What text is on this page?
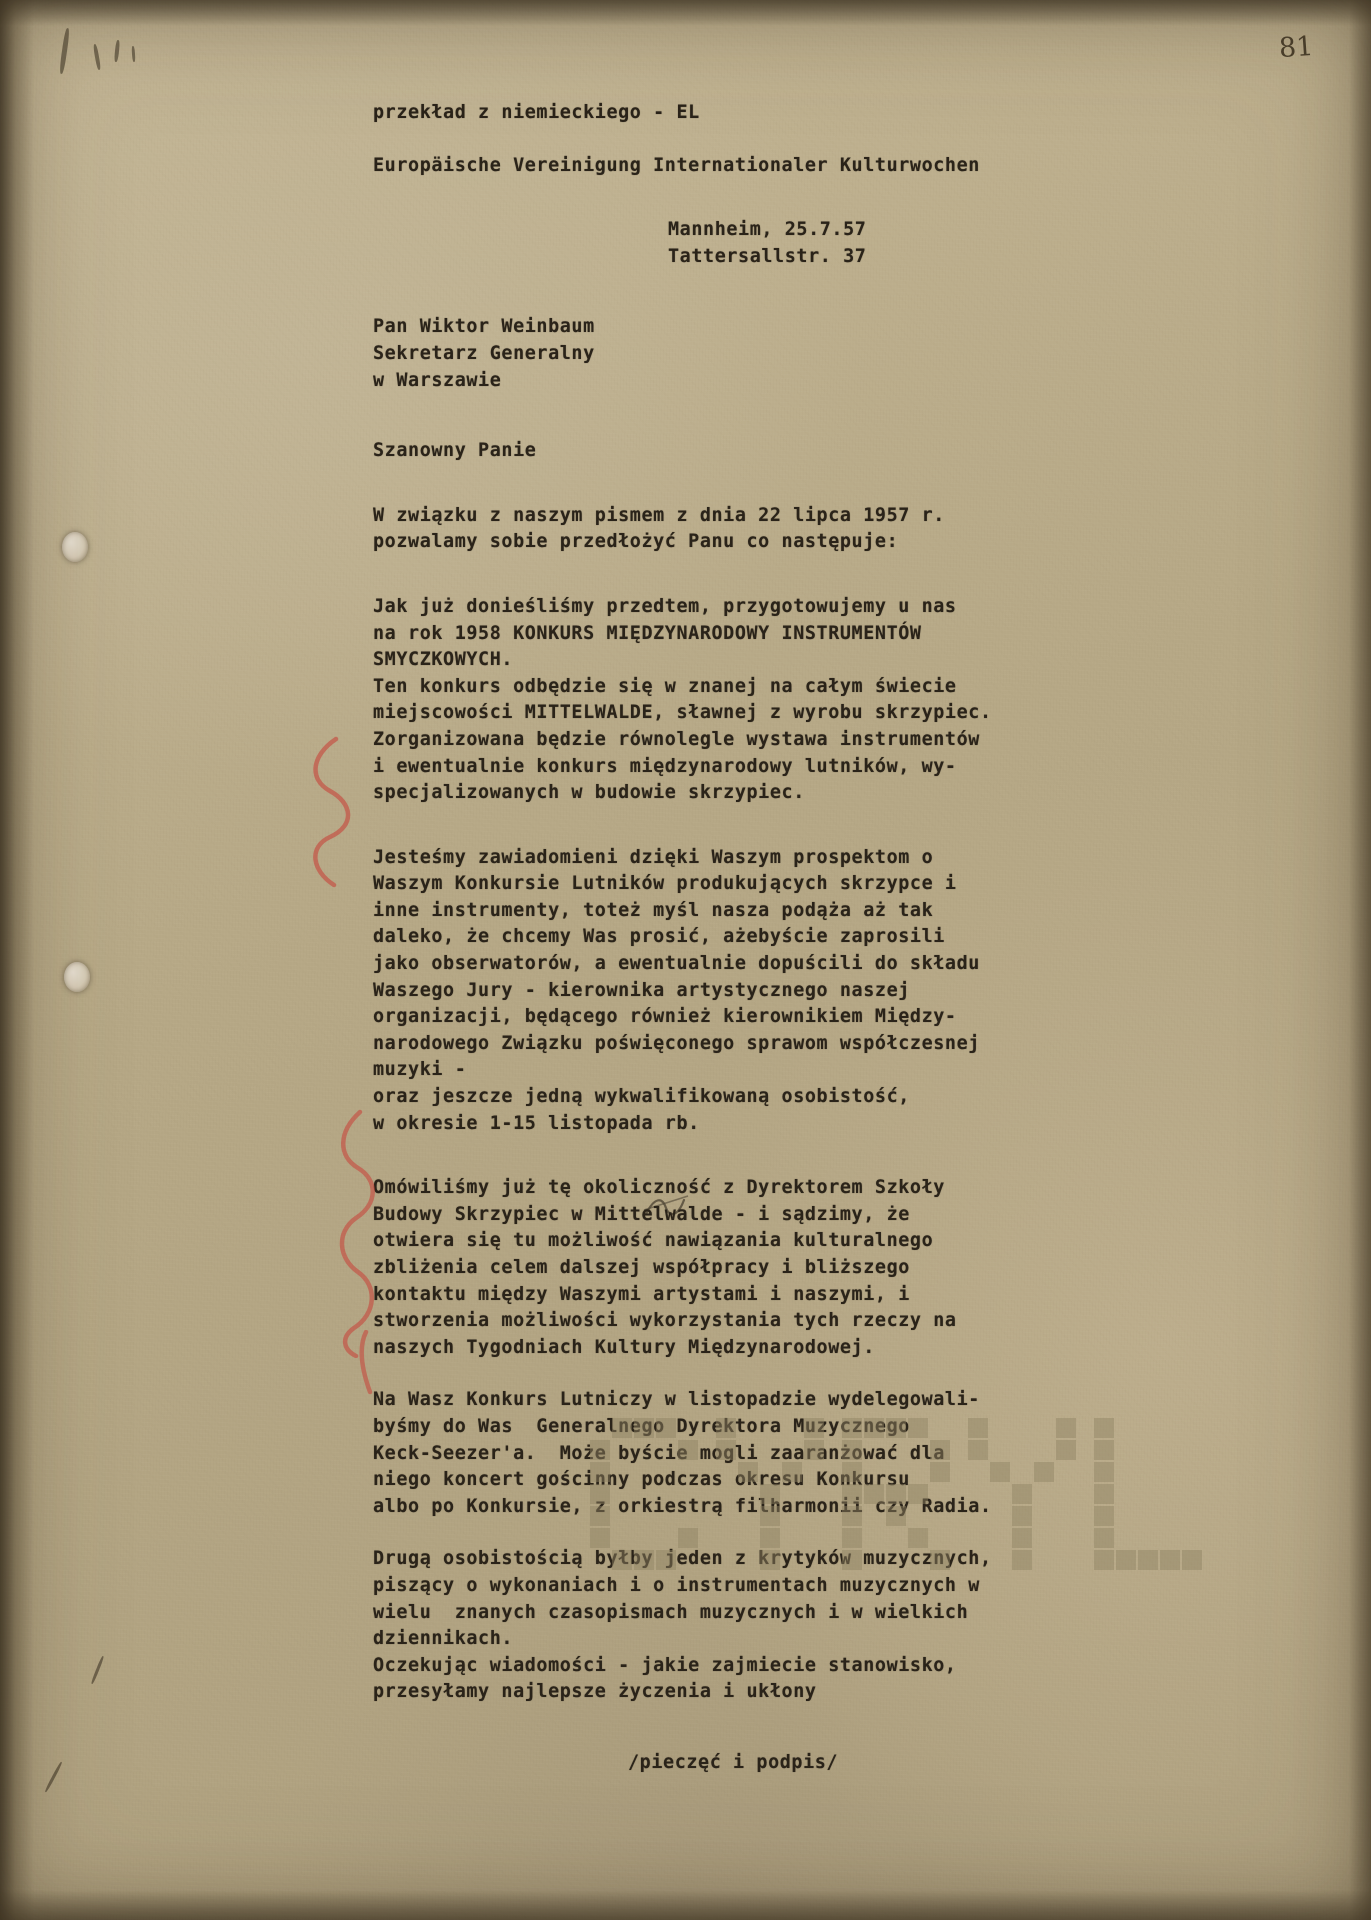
81
przekład z niemieckiego - EL

Europäische Vereinigung Internationaler Kulturwochen

Mannheim, 25.7.57
Tattersallstr. 37

Pan Wiktor Weinbaum
Sekretarz Generalny
w Warszawie

Szanowny Panie

W związku z naszym pismem z dnia 22 lipca 1957 r.
pozwalamy sobie przedłożyć Panu co następuje:

Jak już donieśliśmy przedtem, przygotowujemy u nas
na rok 1958 KONKURS MIĘDZYNARODOWY INSTRUMENTÓW
SMYCZKOWYCH.
Ten konkurs odbędzie się w znanej na całym świecie
miejscowości MITTELWALDE, sławnej z wyrobu skrzypiec.
Zorganizowana będzie równolegle wystawa instrumentów
i ewentualnie konkurs międzynarodowy lutników, wy-
specjalizowanych w budowie skrzypiec.

Jesteśmy zawiadomieni dzięki Waszym prospektom o
Waszym Konkursie Lutników produkujących skrzypce i
inne instrumenty, toteż myśl nasza podąża aż tak
daleko, że chcemy Was prosić, ażebyście zaprosili
jako obserwatorów, a ewentualnie dopuścili do składu
Waszego Jury - kierownika artystycznego naszej
organizacji, będącego również kierownikiem Między-
narodowego Związku poświęconego sprawom współczesnej
muzyki -
oraz jeszcze jedną wykwalifikowaną osobistość,
w okresie 1-15 listopada rb.

Omówiliśmy już tę okoliczność z Dyrektorem Szkoły
Budowy Skrzypiec w Mittelwalde - i sądzimy, że
otwiera się tu możliwość nawiązania kulturalnego
zbliżenia celem dalszej współpracy i bliższego
kontaktu między Waszymi artystami i naszymi, i
stworzenia możliwości wykorzystania tych rzeczy na
naszych Tygodniach Kultury Międzynarodowej.

Na Wasz Konkurs Lutniczy w listopadzie wydelegowali-
byśmy do Was  Generalnego Dyrektora Muzycznego
Keck-Seezer'a.  Może byście mogli zaaranżować dla
niego koncert gościnny podczas okresu Konkursu
albo po Konkursie, z orkiestrą filharmonii czy Radia.

Drugą osobistością byłby jeden z krytyków muzycznych,
piszący o wykonaniach i o instrumentach muzycznych w
wielu  znanych czasopismach muzycznych i w wielkich
dziennikach.
Oczekując wiadomości - jakie zajmiecie stanowisko,
przesyłamy najlepsze życzenia i ukłony

/pieczęć i podpis/
